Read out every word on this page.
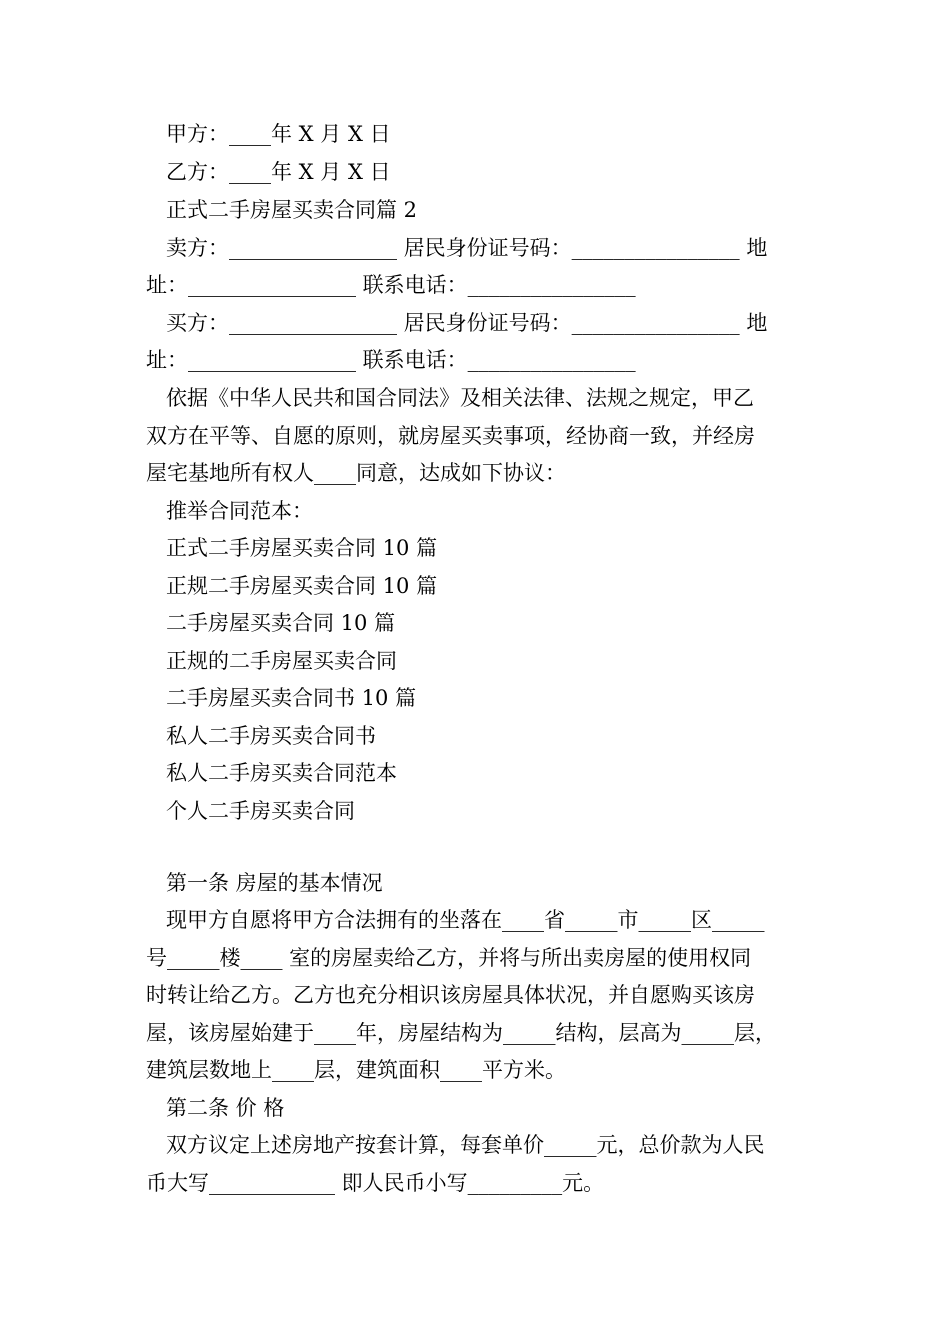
甲方：____年 X 月 X 日
乙方：____年 X 月 X 日
正式二手房屋买卖合同篇 2
卖方：________________ 居民身份证号码：________________ 地
址：________________ 联系电话：________________
买方：________________ 居民身份证号码：________________ 地
址：________________ 联系电话：________________
依据《中华人民共和国合同法》及相关法律、法规之规定，甲乙
双方在平等、自愿的原则，就房屋买卖事项，经协商一致，并经房
屋宅基地所有权人____同意，达成如下协议：
推举合同范本：
正式二手房屋买卖合同 10 篇
正规二手房屋买卖合同 10 篇
二手房屋买卖合同 10 篇
正规的二手房屋买卖合同
二手房屋买卖合同书 10 篇
私人二手房买卖合同书
私人二手房买卖合同范本
个人二手房买卖合同
第一条 房屋的基本情况
现甲方自愿将甲方合法拥有的坐落在____省_____市_____区_____
号_____楼____ 室的房屋卖给乙方，并将与所出卖房屋的使用权同
时转让给乙方。乙方也充分相识该房屋具体状况，并自愿购买该房
屋，该房屋始建于____年，房屋结构为_____结构，层高为_____层，
建筑层数地上____层，建筑面积____平方米。
第二条 价 格
双方议定上述房地产按套计算，每套单价_____元，总价款为人民
币大写____________ 即人民币小写_________元。
